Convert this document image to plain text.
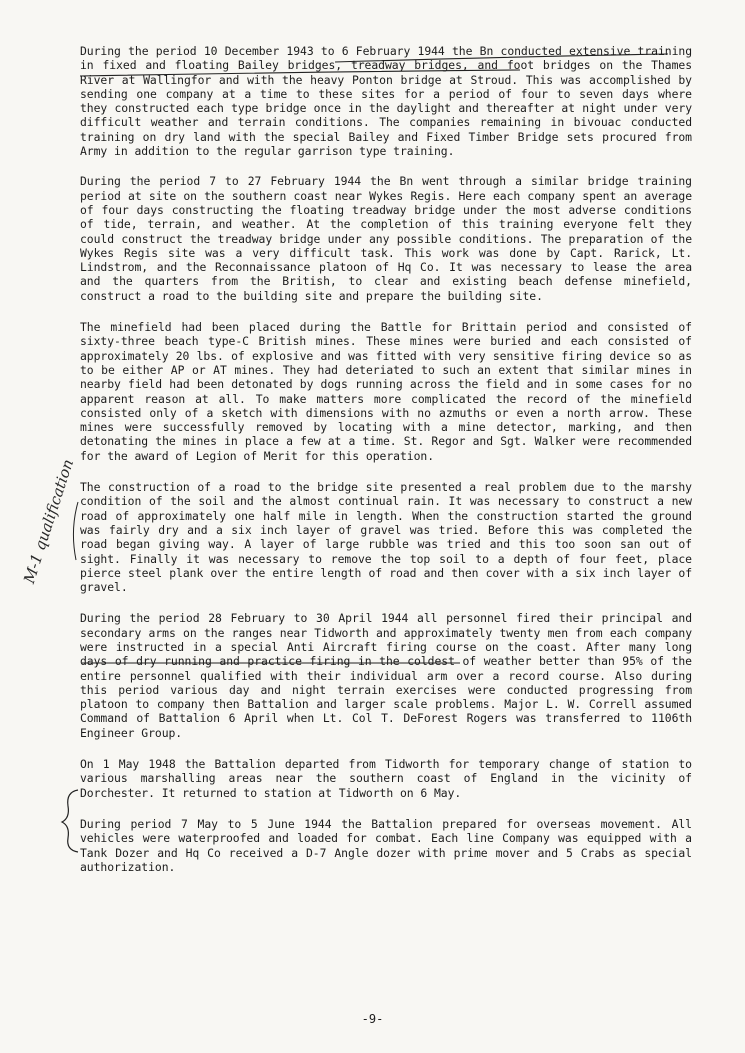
During the period 10 December 1943 to 6 February 1944 the Bn conducted extensive training in fixed and floating Bailey bridges, treadway bridges, and foot bridges on the Thames River at Wallingfor and with the heavy Ponton bridge at Stroud. This was accomplished by sending one company at a time to these sites for a period of four to seven days where they constructed each type bridge once in the daylight and thereafter at night under very difficult weather and terrain conditions. The companies remaining in bivouac conducted training on dry land with the special Bailey and Fixed Timber Bridge sets procured from Army in addition to the regular garrison type training.

During the period 7 to 27 February 1944 the Bn went through a similar bridge training period at site on the southern coast near Wykes Regis. Here each company spent an average of four days constructing the floating treadway bridge under the most adverse conditions of tide, terrain, and weather. At the completion of this training everyone felt they could construct the treadway bridge under any possible conditions. The preparation of the Wykes Regis site was a very difficult task. This work was done by Capt. Rarick, Lt. Lindstrom, and the Reconnaissance platoon of Hq Co. It was necessary to lease the area and the quarters from the British, to clear and existing beach defense minefield, construct a road to the building site and prepare the building site.

The minefield had been placed during the Battle for Brittain period and consisted of sixty-three beach type-C British mines. These mines were buried and each consisted of approximately 20 lbs. of explosive and was fitted with very sensitive firing device so as to be either AP or AT mines. They had deteriated to such an extent that similar mines in nearby field had been detonated by dogs running across the field and in some cases for no apparent reason at all. To make matters more complicated the record of the minefield consisted only of a sketch with dimensions with no azmuths or even a north arrow. These mines were successfully removed by locating with a mine detector, marking, and then detonating the mines in place a few at a time. St. Regor and Sgt. Walker were recommended for the award of Legion of Merit for this operation.

The construction of a road to the bridge site presented a real problem due to the marshy condition of the soil and the almost continual rain. It was necessary to construct a new road of approximately one half mile in length. When the construction started the ground was fairly dry and a six inch layer of gravel was tried. Before this was completed the road began giving way. A layer of large rubble was tried and this too soon san out of sight. Finally it was necessary to remove the top soil to a depth of four feet, place pierce steel plank over the entire length of road and then cover with a six inch layer of gravel.

During the period 28 February to 30 April 1944 all personnel fired their principal and secondary arms on the ranges near Tidworth and approximately twenty men from each company were instructed in a special Anti Aircraft firing course on the coast. After many long days of dry running and practice firing in the coldest of weather better than 95% of the entire personnel qualified with their individual arm over a record course. Also during this period various day and night terrain exercises were conducted progressing from platoon to company then Battalion and larger scale problems. Major L. W. Correll assumed Command of Battalion 6 April when Lt. Col T. DeForest Rogers was transferred to 1106th Engineer Group.

On 1 May 1948 the Battalion departed from Tidworth for temporary change of station to various marshalling areas near the southern coast of England in the vicinity of Dorchester. It returned to station at Tidworth on 6 May.

During period 7 May to 5 June 1944 the Battalion prepared for overseas movement. All vehicles were waterproofed and loaded for combat. Each line Company was equipped with a Tank Dozer and Hq Co received a D-7 Angle dozer with prime mover and 5 Crabs as special authorization.

M-1 qualification
-9-
